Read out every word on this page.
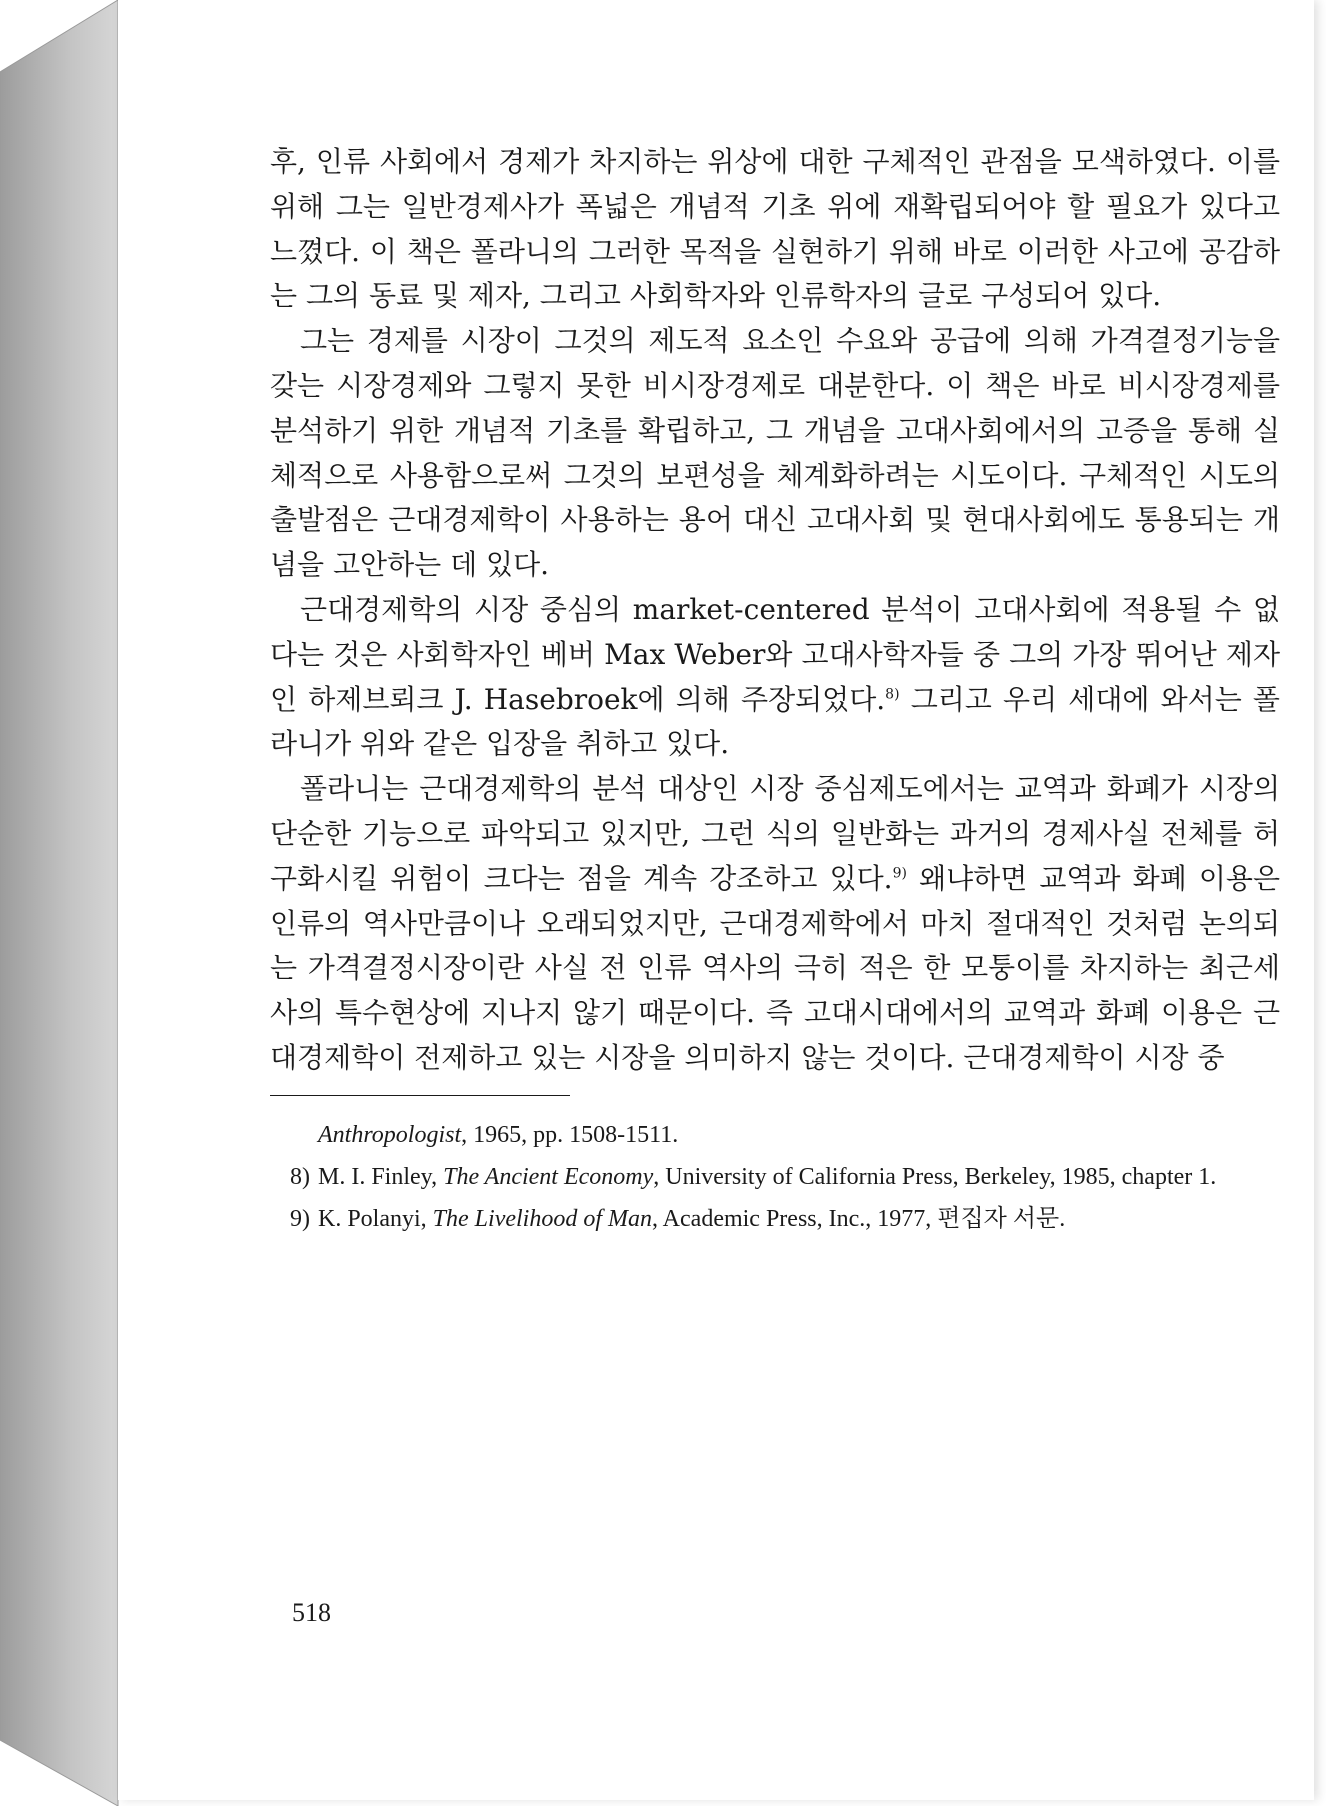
후, 인류 사회에서 경제가 차지하는 위상에 대한 구체적인 관점을 모색하였다. 이를 위해 그는 일반경제사가 폭넓은 개념적 기초 위에 재확립되어야 할 필요가 있다고 느꼈다. 이 책은 폴라니의 그러한 목적을 실현하기 위해 바로 이러한 사고에 공감하는 그의 동료 및 제자, 그리고 사회학자와 인류학자의 글로 구성되어 있다.

그는 경제를 시장이 그것의 제도적 요소인 수요와 공급에 의해 가격결정기능을 갖는 시장경제와 그렇지 못한 비시장경제로 대분한다. 이 책은 바로 비시장경제를 분석하기 위한 개념적 기초를 확립하고, 그 개념을 고대사회에서의 고증을 통해 실체적으로 사용함으로써 그것의 보편성을 체계화하려는 시도이다. 구체적인 시도의 출발점은 근대경제학이 사용하는 용어 대신 고대사회 및 현대사회에도 통용되는 개념을 고안하는 데 있다.

근대경제학의 시장 중심의 market-centered 분석이 고대사회에 적용될 수 없다는 것은 사회학자인 베버 Max Weber와 고대사학자들 중 그의 가장 뛰어난 제자인 하제브뢰크 J. Hasebroek에 의해 주장되었다.$^{8)}$ 그리고 우리 세대에 와서는 폴라니가 위와 같은 입장을 취하고 있다.

폴라니는 근대경제학의 분석 대상인 시장 중심제도에서는 교역과 화폐가 시장의 단순한 기능으로 파악되고 있지만, 그런 식의 일반화는 과거의 경제사실 전체를 허구화시킬 위험이 크다는 점을 계속 강조하고 있다.$^{9)}$ 왜냐하면 교역과 화폐 이용은 인류의 역사만큼이나 오래되었지만, 근대경제학에서 마치 절대적인 것처럼 논의되는 가격결정시장이란 사실 전 인류 역사의 극히 적은 한 모퉁이를 차지하는 최근세사의 특수현상에 지나지 않기 때문이다. 즉 고대시대에서의 교역과 화폐 이용은 근대경제학이 전제하고 있는 시장을 의미하지 않는 것이다. 근대경제학이 시장 중

Anthropologist, 1965, pp. 1508-1511.

8) M. I. Finley, The Ancient Economy, University of California Press, Berkeley, 1985, chapter 1.

9) K. Polanyi, The Livelihood of Man, Academic Press, Inc., 1977, 편집자 서문.

518
